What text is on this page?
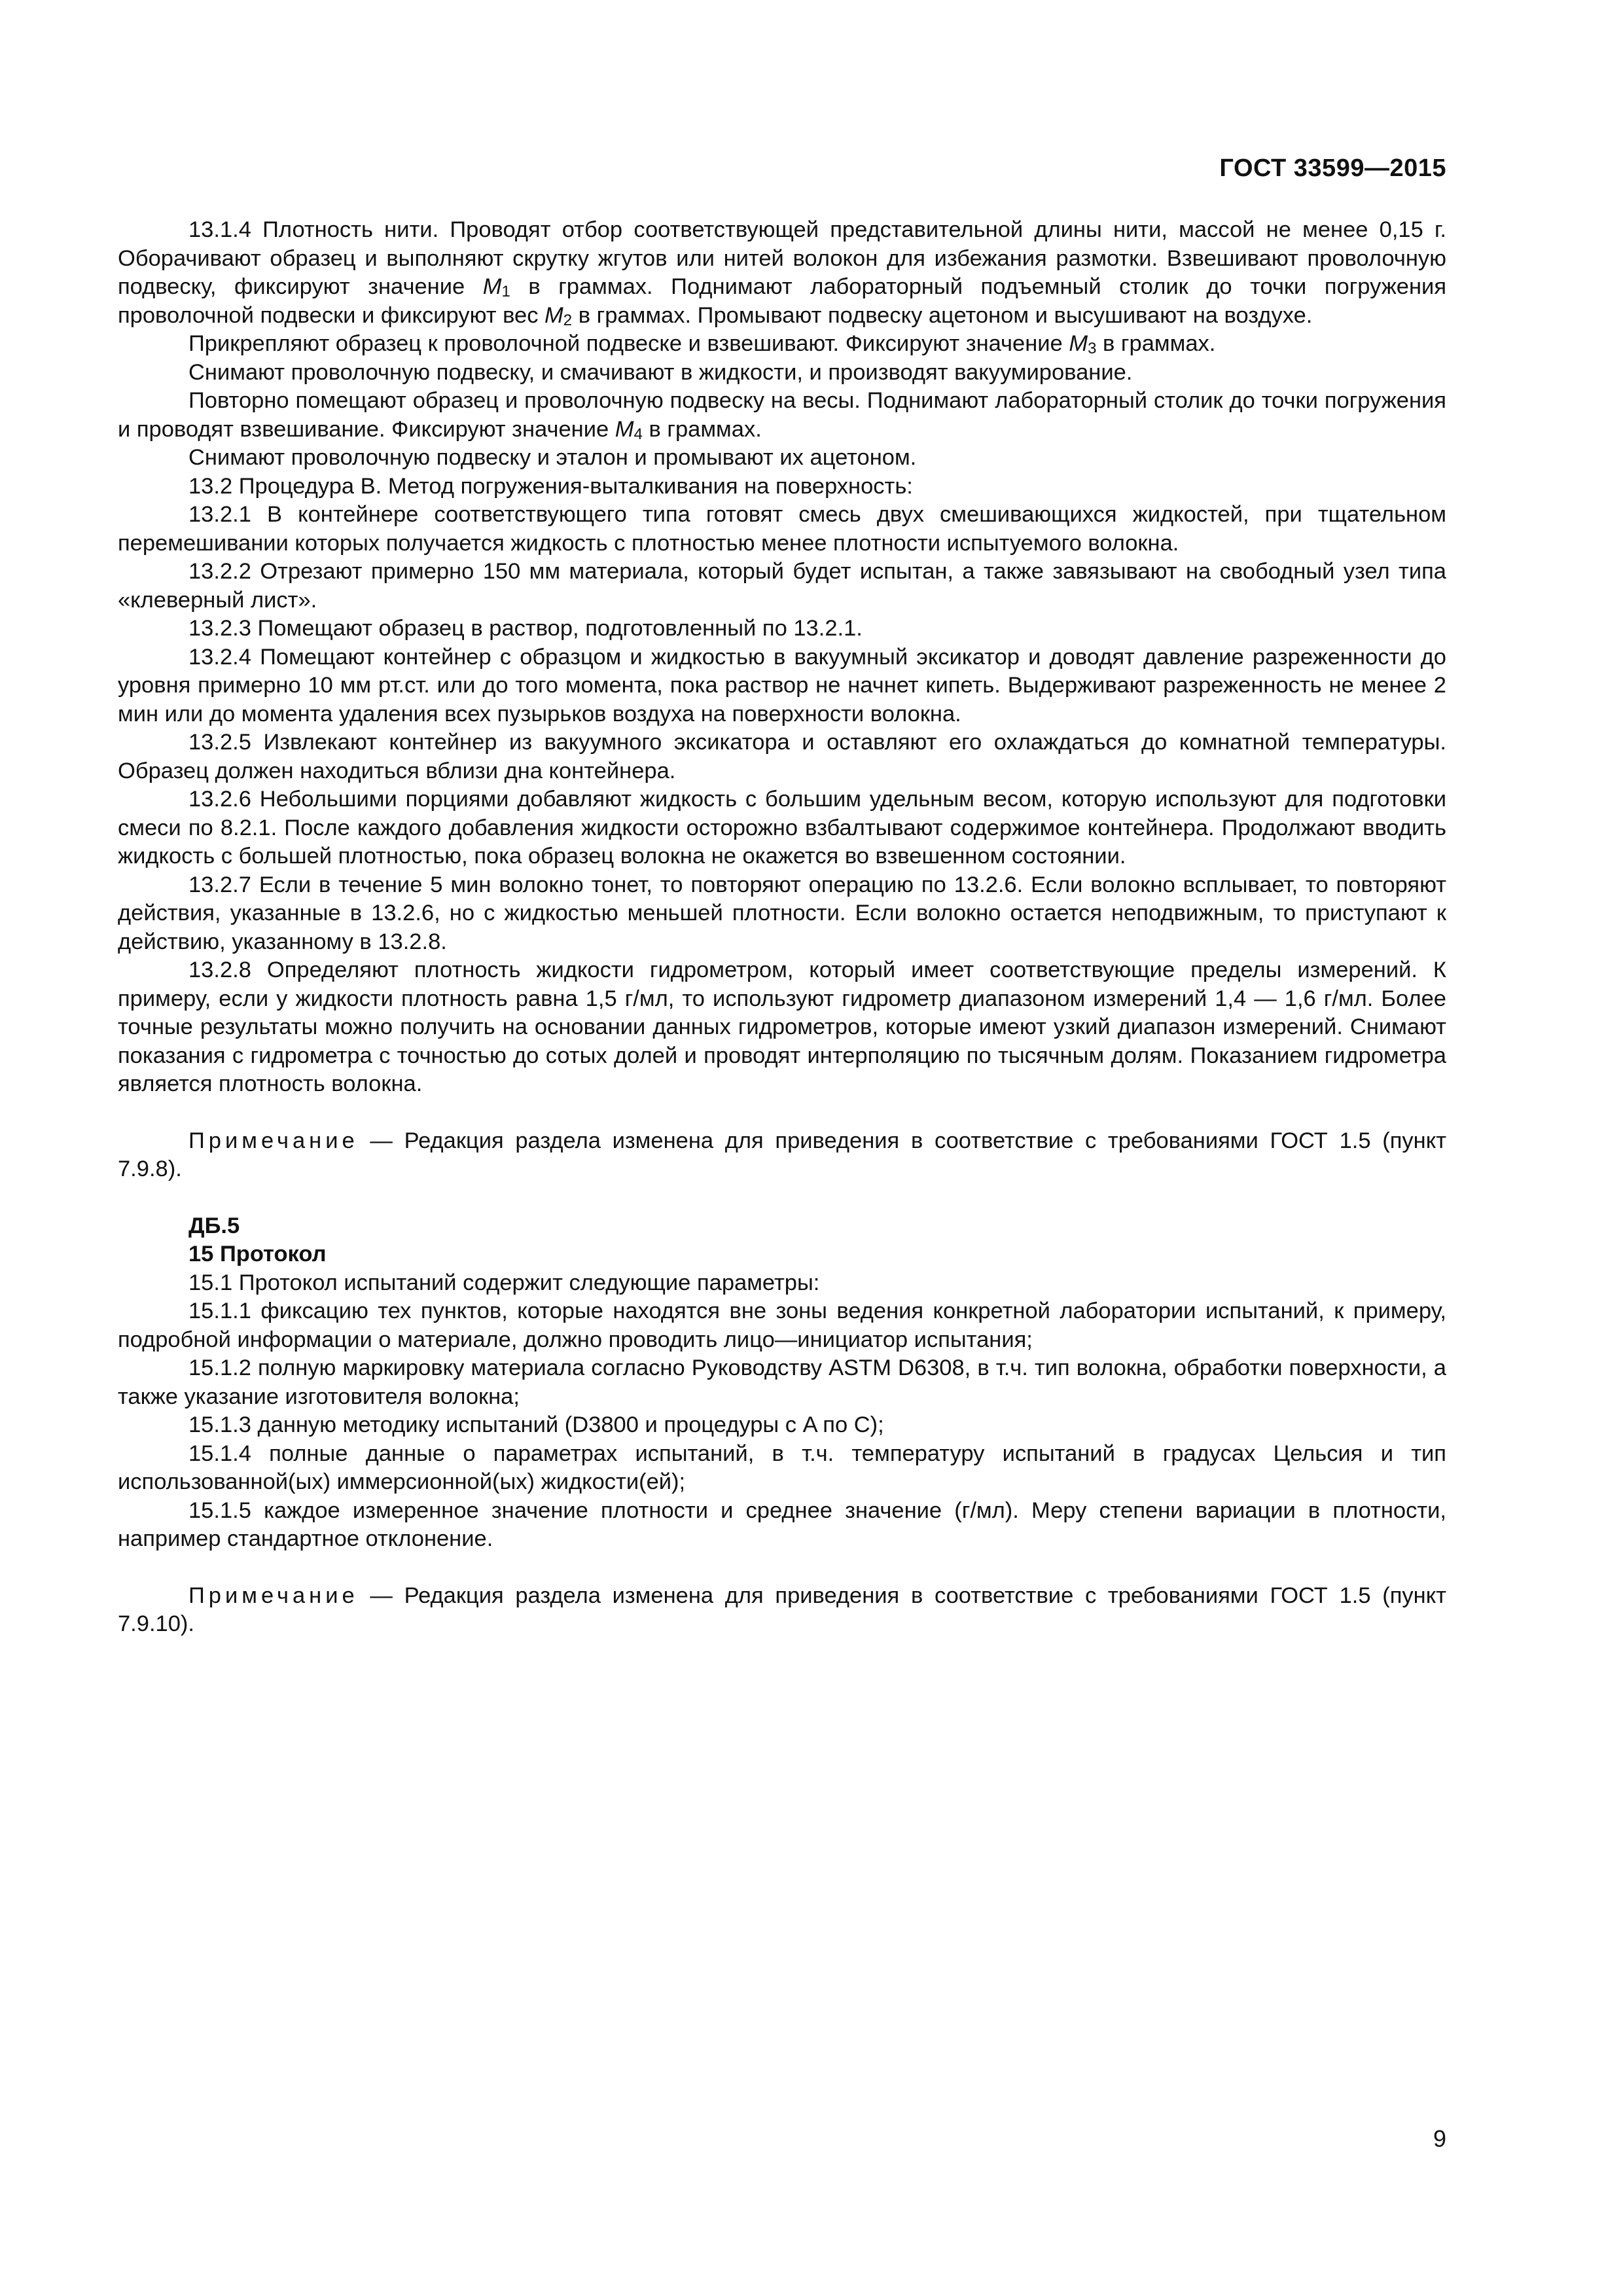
ГОСТ 33599—2015

13.1.4 Плотность нити. Проводят отбор соответствующей представительной длины нити, массой не менее 0,15 г. Оборачивают образец и выполняют скрутку жгутов или нитей волокон для избежания размотки. Взвешивают проволочную подвеску, фиксируют значение $M_1$ в граммах. Поднимают лабораторный подъемный столик до точки погружения проволочной подвески и фиксируют вес $M_2$ в граммах. Промывают подвеску ацетоном и высушивают на воздухе.

Прикрепляют образец к проволочной подвеске и взвешивают. Фиксируют значение $M_3$ в граммах.

Снимают проволочную подвеску, и смачивают в жидкости, и производят вакуумирование.

Повторно помещают образец и проволочную подвеску на весы. Поднимают лабораторный столик до точки погружения и проводят взвешивание. Фиксируют значение $M_4$ в граммах.

Снимают проволочную подвеску и эталон и промывают их ацетоном.

13.2 Процедура B. Метод погружения-выталкивания на поверхность:

13.2.1 В контейнере соответствующего типа готовят смесь двух смешивающихся жидкостей, при тщательном перемешивании которых получается жидкость с плотностью менее плотности испытуемого волокна.

13.2.2 Отрезают примерно 150 мм материала, который будет испытан, а также завязывают на свободный узел типа «клеверный лист».

13.2.3 Помещают образец в раствор, подготовленный по 13.2.1.

13.2.4 Помещают контейнер с образцом и жидкостью в вакуумный эксикатор и доводят давление разреженности до уровня примерно 10 мм рт.ст. или до того момента, пока раствор не начнет кипеть. Выдерживают разреженность не менее 2 мин или до момента удаления всех пузырьков воздуха на поверхности волокна.

13.2.5 Извлекают контейнер из вакуумного эксикатора и оставляют его охлаждаться до комнатной температуры. Образец должен находиться вблизи дна контейнера.

13.2.6 Небольшими порциями добавляют жидкость с большим удельным весом, которую используют для подготовки смеси по 8.2.1. После каждого добавления жидкости осторожно взбалтывают содержимое контейнера. Продолжают вводить жидкость с большей плотностью, пока образец волокна не окажется во взвешенном состоянии.

13.2.7 Если в течение 5 мин волокно тонет, то повторяют операцию по 13.2.6. Если волокно всплывает, то повторяют действия, указанные в 13.2.6, но с жидкостью меньшей плотности. Если волокно остается неподвижным, то приступают к действию, указанному в 13.2.8.

13.2.8 Определяют плотность жидкости гидрометром, который имеет соответствующие пределы измерений. К примеру, если у жидкости плотность равна 1,5 г/мл, то используют гидрометр диапазоном измерений 1,4 — 1,6 г/мл. Более точные результаты можно получить на основании данных гидрометров, которые имеют узкий диапазон измерений. Снимают показания с гидрометра с точностью до сотых долей и проводят интерполяцию по тысячным долям. Показанием гидрометра является плотность волокна.

Примечание — Редакция раздела изменена для приведения в соответствие с требованиями ГОСТ 1.5 (пункт 7.9.8).

ДБ.5

15 Протокол

15.1 Протокол испытаний содержит следующие параметры:

15.1.1 фиксацию тех пунктов, которые находятся вне зоны ведения конкретной лаборатории испытаний, к примеру, подробной информации о материале, должно проводить лицо—инициатор испытания;

15.1.2 полную маркировку материала согласно Руководству ASTM D6308, в т.ч. тип волокна, обработки поверхности, а также указание изготовителя волокна;

15.1.3 данную методику испытаний (D3800 и процедуры с A по C);

15.1.4 полные данные о параметрах испытаний, в т.ч. температуру испытаний в градусах Цельсия и тип использованной(ых) иммерсионной(ых) жидкости(ей);

15.1.5 каждое измеренное значение плотности и среднее значение (г/мл). Меру степени вариации в плотности, например стандартное отклонение.

Примечание — Редакция раздела изменена для приведения в соответствие с требованиями ГОСТ 1.5 (пункт 7.9.10).

9
